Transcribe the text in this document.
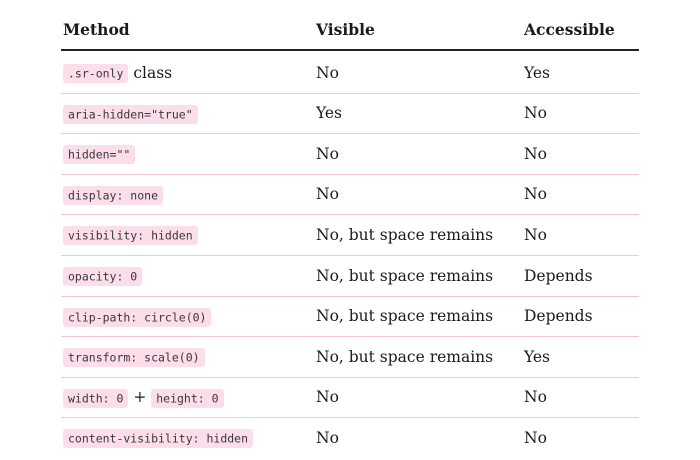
Method	Visible	Accessible
.sr-only class	No	Yes
aria-hidden="true"	Yes	No
hidden=""	No	No
display: none	No	No
visibility: hidden	No, but space remains	No
opacity: 0	No, but space remains	Depends
clip-path: circle(0)	No, but space remains	Depends
transform: scale(0)	No, but space remains	Yes
width: 0 + height: 0	No	No
content-visibility: hidden	No	No
